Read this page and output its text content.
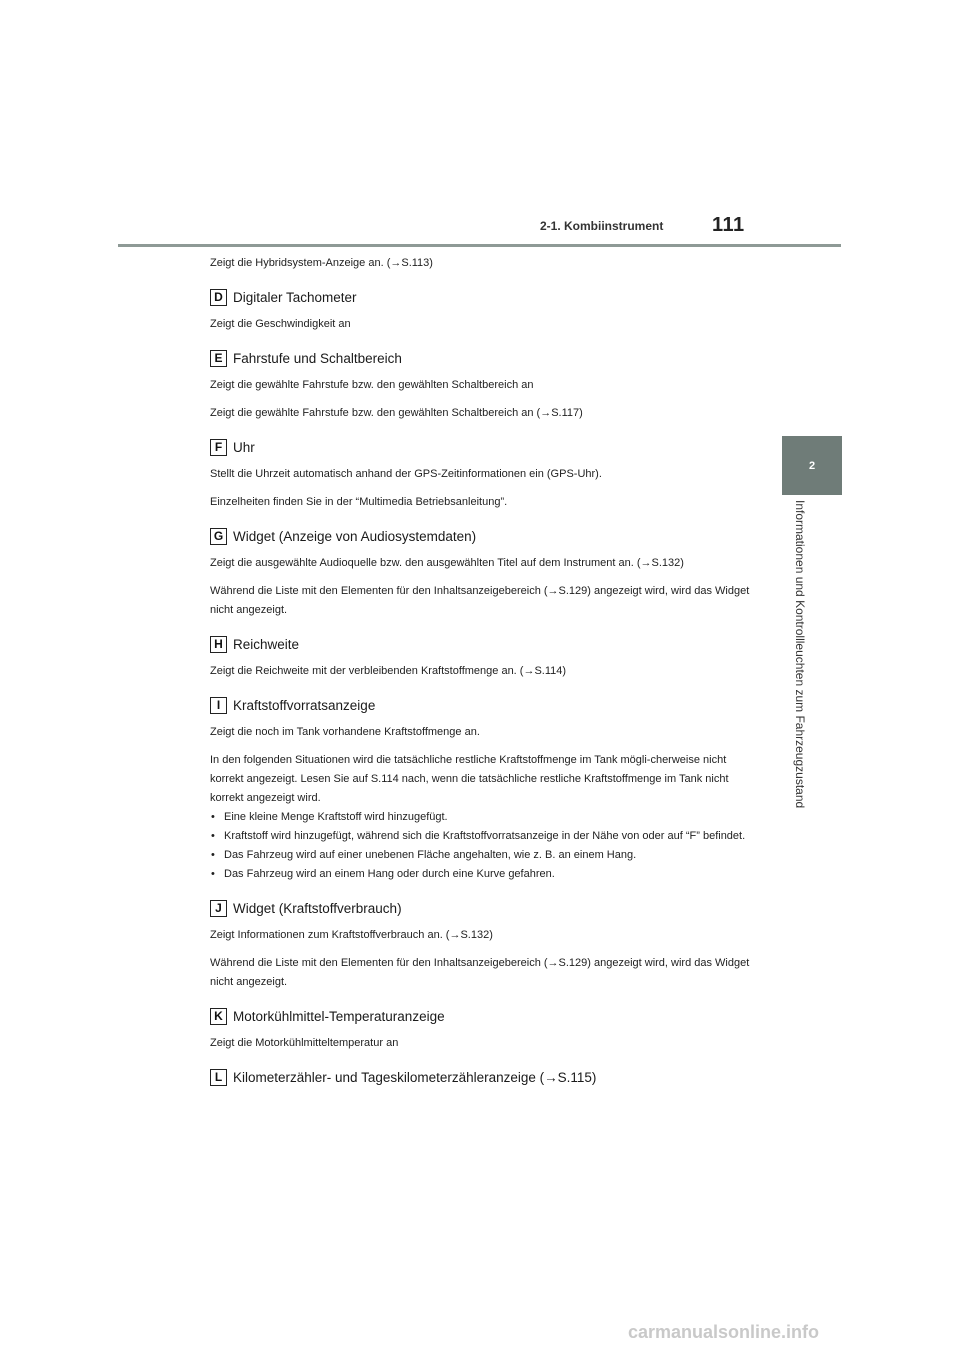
2-1. Kombiinstrument	111
2
Informationen und Kontrollleuchten zum Fahrzeugzustand

Zeigt die Hybridsystem-Anzeige an. (→S.113)

D Digitaler Tachometer

Zeigt die Geschwindigkeit an

E Fahrstufe und Schaltbereich

Zeigt die gewählte Fahrstufe bzw. den gewählten Schaltbereich an

Zeigt die gewählte Fahrstufe bzw. den gewählten Schaltbereich an (→S.117)

F Uhr

Stellt die Uhrzeit automatisch anhand der GPS-Zeitinformationen ein (GPS-Uhr).

Einzelheiten finden Sie in der “Multimedia Betriebsanleitung”.

G Widget (Anzeige von Audiosystemdaten)

Zeigt die ausgewählte Audioquelle bzw. den ausgewählten Titel auf dem Instrument an. (→S.132)

Während die Liste mit den Elementen für den Inhaltsanzeigebereich (→S.129) angezeigt wird, wird das Widget nicht angezeigt.

H Reichweite

Zeigt die Reichweite mit der verbleibenden Kraftstoffmenge an. (→S.114)

I Kraftstoffvorratsanzeige

Zeigt die noch im Tank vorhandene Kraftstoffmenge an.

In den folgenden Situationen wird die tatsächliche restliche Kraftstoffmenge im Tank mögli-cherweise nicht korrekt angezeigt. Lesen Sie auf S.114 nach, wenn die tatsächliche restliche Kraftstoffmenge im Tank nicht korrekt angezeigt wird.

• Eine kleine Menge Kraftstoff wird hinzugefügt.
• Kraftstoff wird hinzugefügt, während sich die Kraftstoffvorratsanzeige in der Nähe von oder auf “F” befindet.
• Das Fahrzeug wird auf einer unebenen Fläche angehalten, wie z. B. an einem Hang.
• Das Fahrzeug wird an einem Hang oder durch eine Kurve gefahren.
J Widget (Kraftstoffverbrauch)

Zeigt Informationen zum Kraftstoffverbrauch an. (→S.132)

Während die Liste mit den Elementen für den Inhaltsanzeigebereich (→S.129) angezeigt wird, wird das Widget nicht angezeigt.

K Motorkühlmittel-Temperaturanzeige

Zeigt die Motorkühlmitteltemperatur an

L Kilometerzähler- und Tageskilometerzähleranzeige (→S.115)
carmanualsonline.info
